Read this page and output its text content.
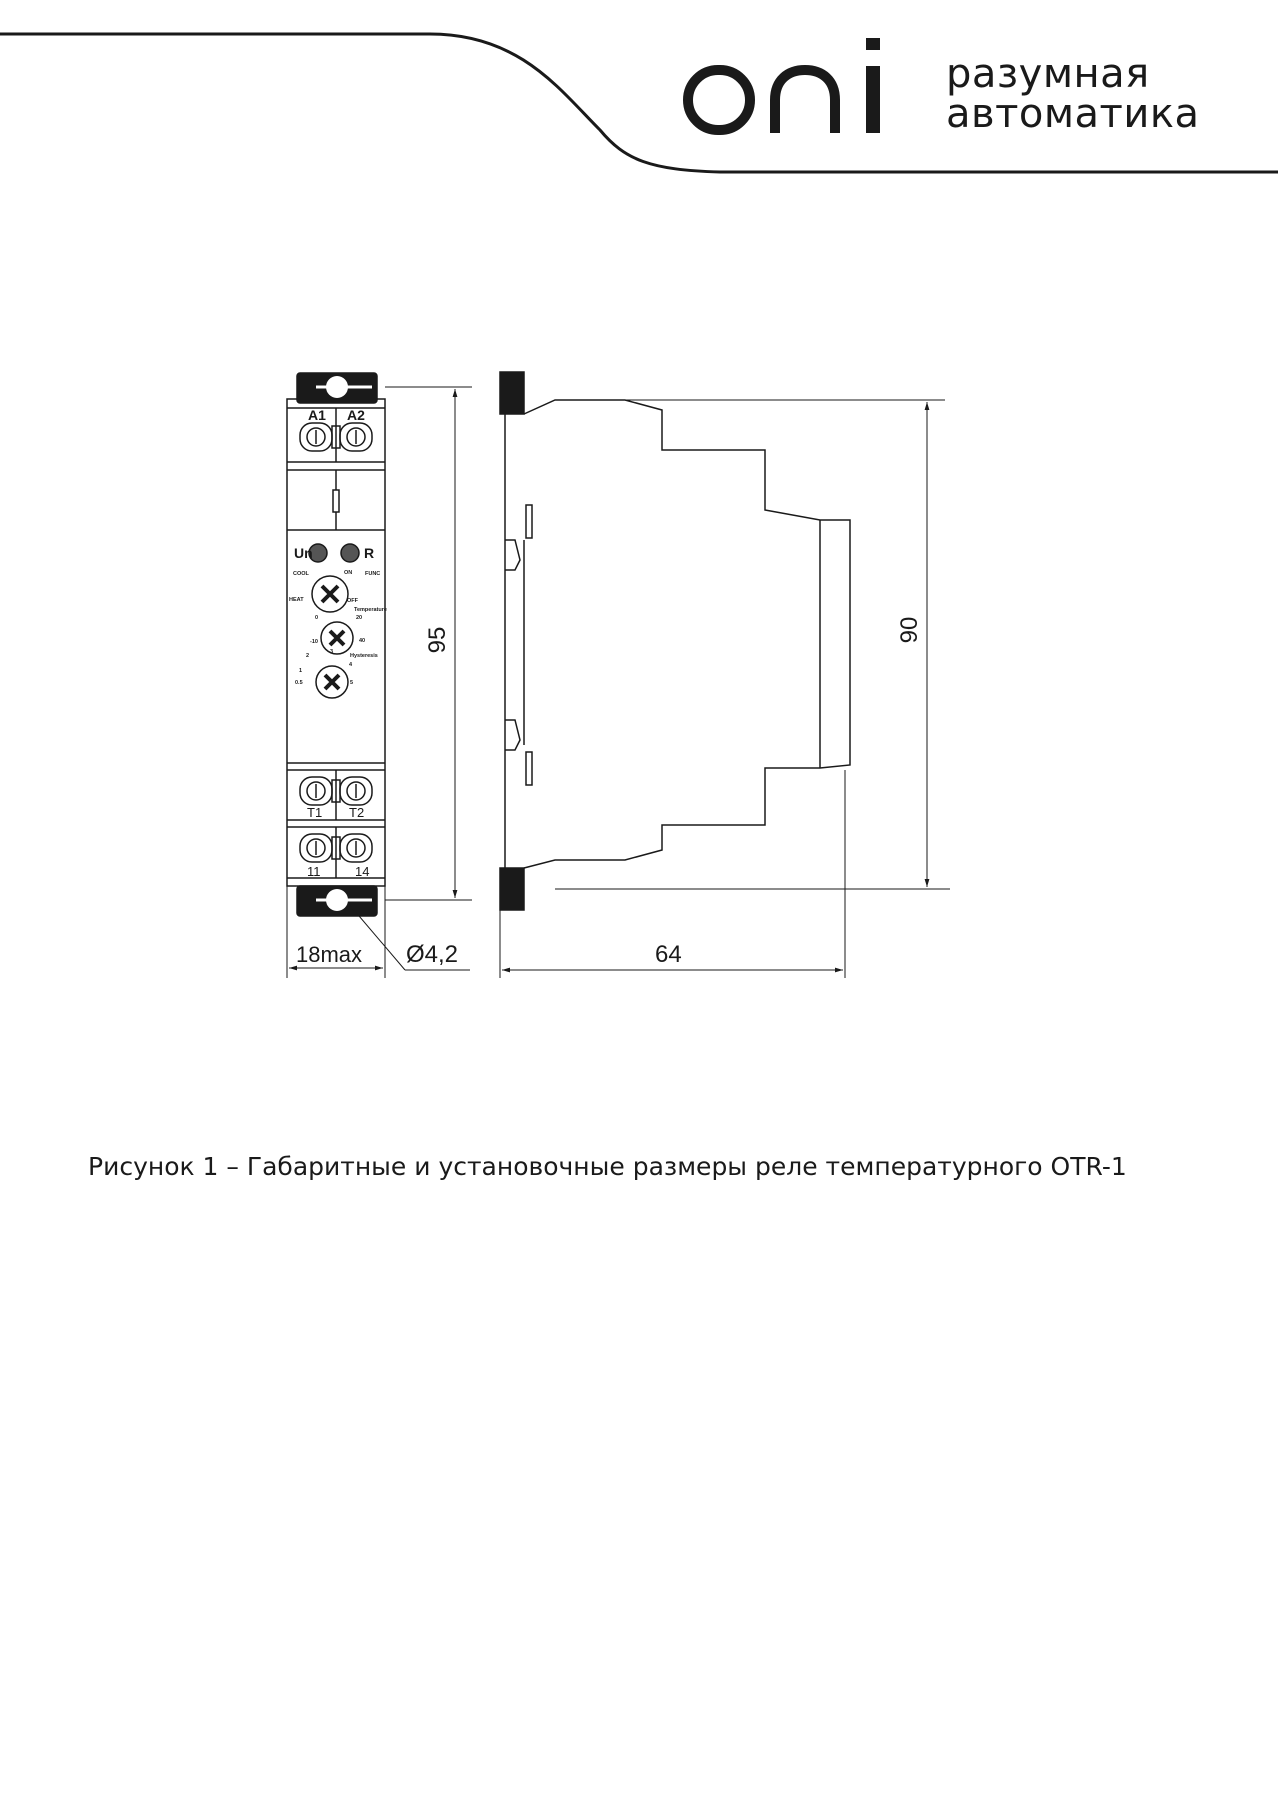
разумная
автоматика
A1 A2
Un	R
COOL	ON FUNC
HEAT	OFF
Temperature
0	20
-10	40
Hysteresis
2
3
4
1
0.5	5
T1 T2
11	14
95
18max Ø4,2
90
64
Рисунок 1 – Габаритные и установочные размеры реле температурного OTR-1
